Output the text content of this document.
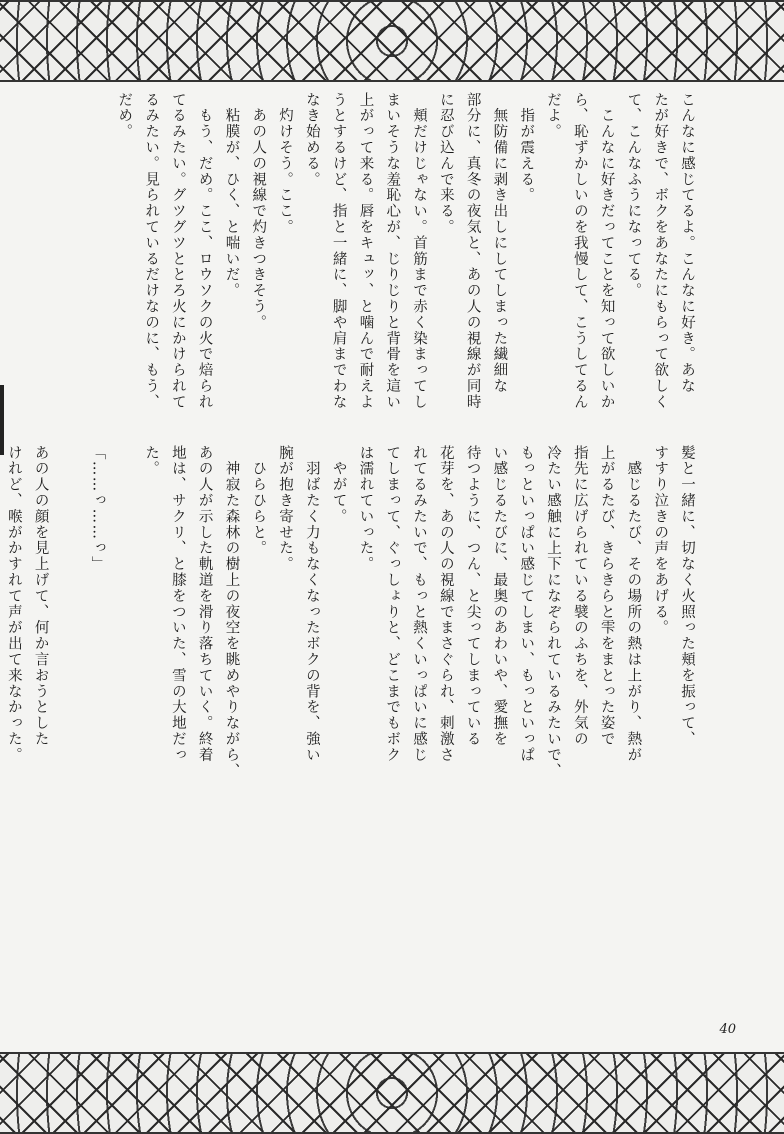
こんなに感じてるよ。こんなに好き。あな
たが好きで、ボクをあなたにもらって欲しく
て、こんなふうになってる。
　こんなに好きだってことを知って欲しいか
ら、恥ずかしいのを我慢して、こうしてるん
だよ。
　指が震える。
　無防備に剥き出しにしてしまった繊細な
部分に、真冬の夜気と、あの人の視線が同時
に忍び込んで来る。
　頬だけじゃない。首筋まで赤く染まってし
まいそうな羞恥心が、じりじりと背骨を這い
上がって来る。唇をキュッ、と噛んで耐えよ
うとするけど、指と一緒に、脚や肩までわな
なき始める。
　灼けそう。ここ。
　あの人の視線で灼きつきそう。
　粘膜が、ひく、と喘いだ。
　もう、だめ。ここ、ロウソクの火で焙られ
てるみたい。グツグツととろ火にかけられて
るみたい。見られているだけなのに、もう、
だめ。
髪と一緒に、切なく火照った頬を振って、
すすり泣きの声をあげる。
　感じるたび、その場所の熱は上がり、熱が
上がるたび、きらきらと雫をまとった姿で
指先に広げられている襞のふちを、外気の
冷たい感触に上下になぞられているみたいで、
もっといっぱい感じてしまい、もっといっぱ
い感じるたびに、最奥のあわいや、愛撫を
待つように、つん、と尖ってしまっている
花芽を、あの人の視線でまさぐられ、刺激さ
れてるみたいで、もっと熱くいっぱいに感じ
てしまって、ぐっしょりと、どこまでもボク
は濡れていった。
　やがて。
　羽ばたく力もなくなったボクの背を、強い
腕が抱き寄せた。
　ひらひらと。
　神寂た森林の樹上の夜空を眺めやりながら、
あの人が示した軌道を滑り落ちていく。終着
地は、サクリ、と膝をついた、雪の大地だっ
た。

「……っ……っ」
あの人の顔を見上げて、何か言おうとした
けれど、喉がかすれて声が出て来なかった。

40
